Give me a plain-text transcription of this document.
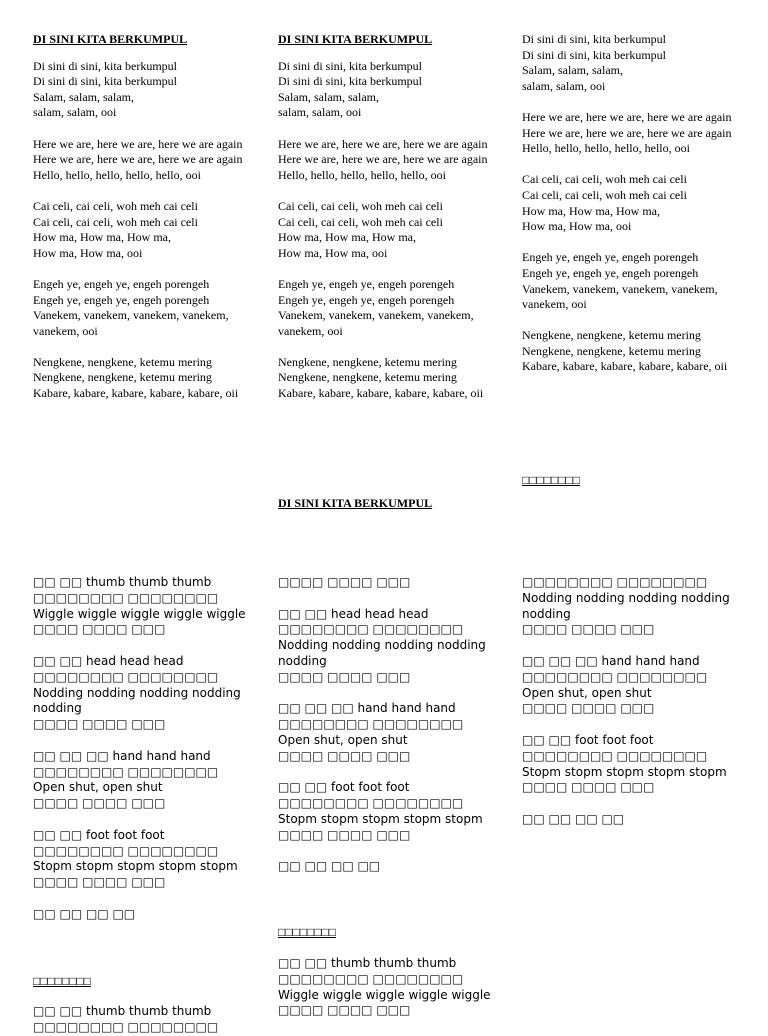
DI SINI KITA BERKUMPUL
Di sini di sini, kita berkumpul
Di sini di sini, kita berkumpul
Salam, salam, salam,
salam, salam, ooi
Here we are, here we are, here we are again
Here we are, here we are, here we are again
Hello, hello, hello, hello, hello, ooi
Cai celi, cai celi, woh meh cai celi
Cai celi, cai celi, woh meh cai celi
How ma, How ma, How ma,
How ma, How ma, ooi
Engeh ye, engeh ye, engeh porengeh
Engeh ye, engeh ye, engeh porengeh
Vanekem, vanekem, vanekem, vanekem,
vanekem, ooi
Nengkene, nengkene, ketemu mering
Nengkene, nengkene, ketemu mering
Kabare, kabare, kabare, kabare, kabare, oii
DI SINI KITA BERKUMPUL
Di sini di sini, kita berkumpul
Di sini di sini, kita berkumpul
Salam, salam, salam,
salam, salam, ooi
Here we are, here we are, here we are again
Here we are, here we are, here we are again
Hello, hello, hello, hello, hello, ooi
Cai celi, cai celi, woh meh cai celi
Cai celi, cai celi, woh meh cai celi
How ma, How ma, How ma,
How ma, How ma, ooi
Engeh ye, engeh ye, engeh porengeh
Engeh ye, engeh ye, engeh porengeh
Vanekem, vanekem, vanekem, vanekem,
vanekem, ooi
Nengkene, nengkene, ketemu mering
Nengkene, nengkene, ketemu mering
Kabare, kabare, kabare, kabare, kabare, oii
Di sini di sini, kita berkumpul
Di sini di sini, kita berkumpul
Salam, salam, salam,
salam, salam, ooi
Here we are, here we are, here we are again
Here we are, here we are, here we are again
Hello, hello, hello, hello, hello, ooi
Cai celi, cai celi, woh meh cai celi
Cai celi, cai celi, woh meh cai celi
How ma, How ma, How ma,
How ma, How ma, ooi
Engeh ye, engeh ye, engeh porengeh
Engeh ye, engeh ye, engeh porengeh
Vanekem, vanekem, vanekem, vanekem,
vanekem, ooi
Nengkene, nengkene, ketemu mering
Nengkene, nengkene, ketemu mering
Kabare, kabare, kabare, kabare, kabare, oii
□□□□□□□□
DI SINI KITA BERKUMPUL
□□ □□ thumb thumb thumb
□□□□□□□□ □□□□□□□□
Wiggle wiggle wiggle wiggle wiggle
□□□□ □□□□ □□□
□□ □□ head head head
□□□□□□□□ □□□□□□□□
Nodding nodding nodding nodding nodding
□□□□ □□□□ □□□
□□ □□ □□ hand hand hand
□□□□□□□□ □□□□□□□□
Open shut, open shut
□□□□ □□□□ □□□
□□ □□ foot foot foot
□□□□□□□□ □□□□□□□□
Stopm stopm stopm stopm stopm
□□□□ □□□□ □□□
□□ □□ □□ □□
□□□□□□□□
□□ □□ thumb thumb thumb
□□□□□□□□ □□□□□□□□
□□□□ □□□□ □□□
□□ □□ head head head
□□□□□□□□ □□□□□□□□
Nodding nodding nodding nodding nodding
□□□□ □□□□ □□□
□□ □□ □□ hand hand hand
□□□□□□□□ □□□□□□□□
Open shut, open shut
□□□□ □□□□ □□□
□□ □□ foot foot foot
□□□□□□□□ □□□□□□□□
Stopm stopm stopm stopm stopm
□□□□ □□□□ □□□
□□ □□ □□ □□
□□□□□□□□
□□ □□ thumb thumb thumb
□□□□□□□□ □□□□□□□□
Wiggle wiggle wiggle wiggle wiggle
□□□□ □□□□ □□□
□□□□□□□□ □□□□□□□□
Nodding nodding nodding nodding nodding
□□□□ □□□□ □□□
□□ □□ □□ hand hand hand
□□□□□□□□ □□□□□□□□
Open shut, open shut
□□□□ □□□□ □□□
□□ □□ foot foot foot
□□□□□□□□ □□□□□□□□
Stopm stopm stopm stopm stopm
□□□□ □□□□ □□□
□□ □□ □□ □□
